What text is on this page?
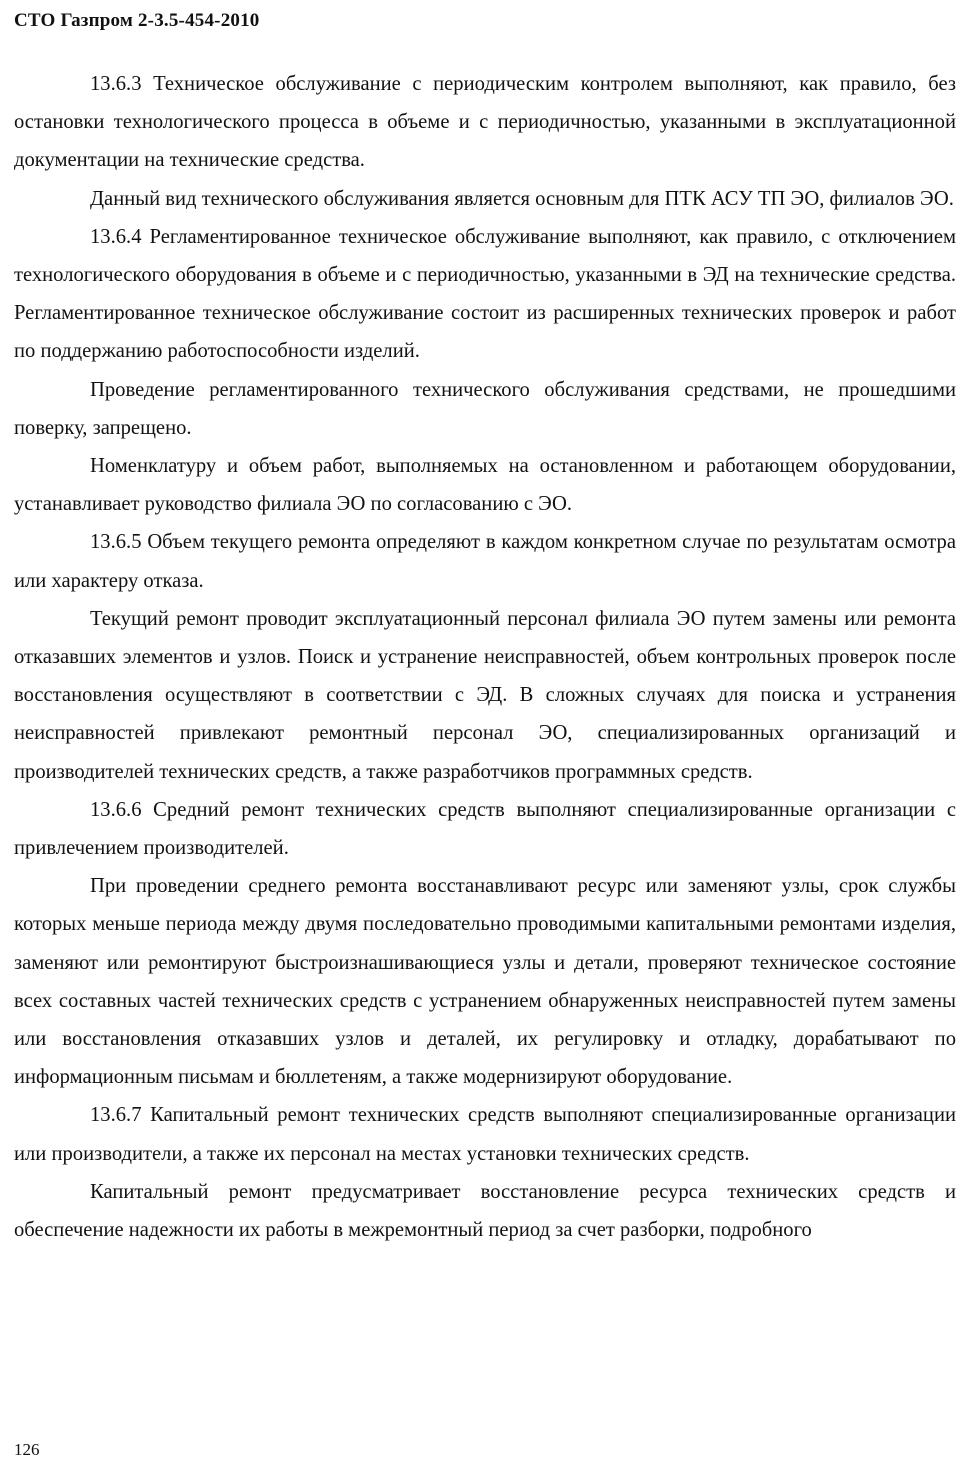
СТО Газпром 2-3.5-454-2010

13.6.3 Техническое обслуживание с периодическим контролем выполняют, как правило, без остановки технологического процесса в объеме и с периодичностью, указанными в эксплуатационной документации на технические средства.

Данный вид технического обслуживания является основным для ПТК АСУ ТП ЭО, филиалов ЭО.

13.6.4 Регламентированное техническое обслуживание выполняют, как правило, с отключением технологического оборудования в объеме и с периодичностью, указанными в ЭД на технические средства. Регламентированное техническое обслуживание состоит из расширенных технических проверок и работ по поддержанию работоспособности изделий.

Проведение регламентированного технического обслуживания средствами, не прошедшими поверку, запрещено.

Номенклатуру и объем работ, выполняемых на остановленном и работающем оборудовании, устанавливает руководство филиала ЭО по согласованию с ЭО.

13.6.5 Объем текущего ремонта определяют в каждом конкретном случае по результатам осмотра или характеру отказа.

Текущий ремонт проводит эксплуатационный персонал филиала ЭО путем замены или ремонта отказавших элементов и узлов. Поиск и устранение неисправностей, объем контрольных проверок после восстановления осуществляют в соответствии с ЭД. В сложных случаях для поиска и устранения неисправностей привлекают ремонтный персонал ЭО, специализированных организаций и производителей технических средств, а также разработчиков программных средств.

13.6.6 Средний ремонт технических средств выполняют специализированные организации с привлечением производителей.

При проведении среднего ремонта восстанавливают ресурс или заменяют узлы, срок службы которых меньше периода между двумя последовательно проводимыми капитальными ремонтами изделия, заменяют или ремонтируют быстроизнашивающиеся узлы и детали, проверяют техническое состояние всех составных частей технических средств с устранением обнаруженных неисправностей путем замены или восстановления отказавших узлов и деталей, их регулировку и отладку, дорабатывают по информационным письмам и бюллетеням, а также модернизируют оборудование.

13.6.7 Капитальный ремонт технических средств выполняют специализированные организации или производители, а также их персонал на местах установки технических средств.

Капитальный ремонт предусматривает восстановление ресурса технических средств и обеспечение надежности их работы в межремонтный период за счет разборки, подробного

126
